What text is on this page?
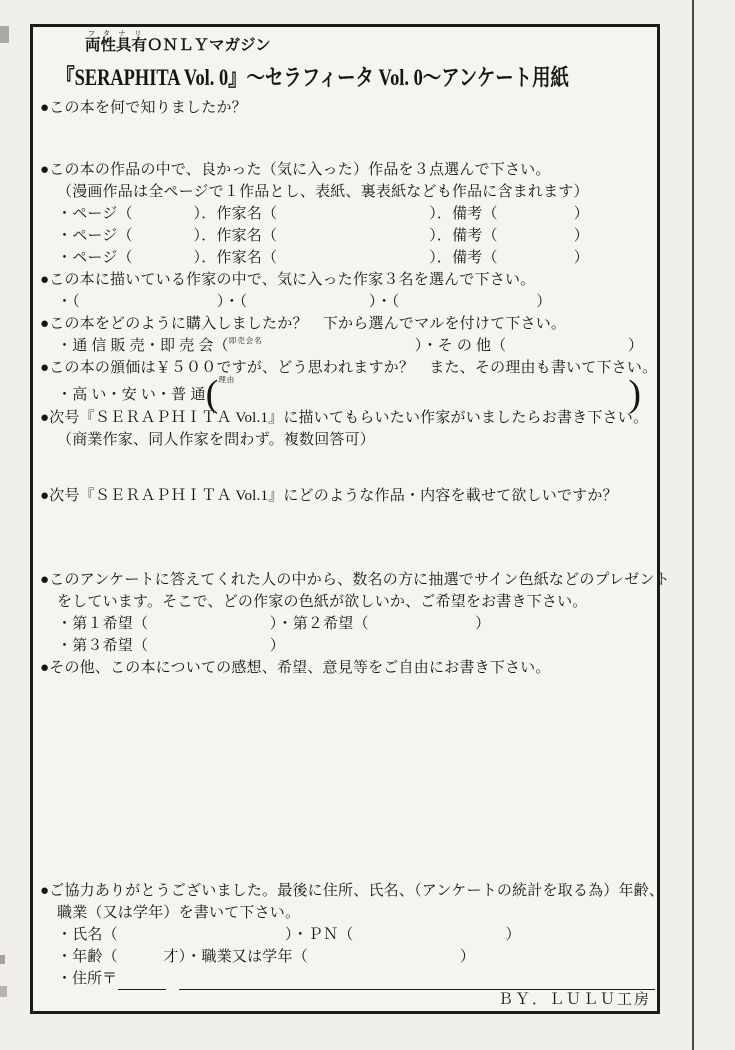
両性具有フタナリＯＮＬＹマガジン
『SERAPHITA Vol. 0』～セラフィータ Vol. 0～アンケート用紙
●この本を何で知りましたか？
●この本の作品の中で、良かった（気に入った）作品を３点選んで下さい。
（漫画作品は全ページで１作品とし、表紙、裏表紙なども作品に含まれます）
・ページ（　　　　）．作家名（　　　　　　　　　　）．備考（　　　　　）
・ページ（　　　　）．作家名（　　　　　　　　　　）．備考（　　　　　）
・ページ（　　　　）．作家名（　　　　　　　　　　）．備考（　　　　　）
●この本に描いている作家の中で、気に入った作家３名を選んで下さい。
・（　　　　　　　　　）・（　　　　　　　　）・（　　　　　　　　　）
●この本をどのように購入しましたか？　下から選んでマルを付けて下さい。
・通 信 販 売・即 売 会（$^{即売会名}$　　　　　　　　　　）・そ の 他（　　　　　　　　）
●この本の頒価は￥５００ですが、どう思われますか？　また、その理由も書いて下さい。
・高 い・安 い・普 通 ($^{理由}$	)
●次号『ＳＥＲＡＰＨＩＴＡ Vol.1』に描いてもらいたい作家がいましたらお書き下さい。
（商業作家、同人作家を問わず。複数回答可）
●次号『ＳＥＲＡＰＨＩＴＡ Vol.1』にどのような作品・内容を載せて欲しいですか？
●このアンケートに答えてくれた人の中から、数名の方に抽選でサイン色紙などのプレゼント
をしています。そこで、どの作家の色紙が欲しいか、ご希望をお書き下さい。
・第１希望（　　　　　　　　）・第２希望（　　　　　　　）
・第３希望（　　　　　　　　）
●その他、この本についての感想、希望、意見等をご自由にお書き下さい。
●ご協力ありがとうございました。最後に住所、氏名、（アンケートの統計を取る為）年齢、
職業（又は学年）を書いて下さい。
・氏名（　　　　　　　　　　　）・ＰＮ（　　　　　　　　　　）
・年齢（　　　才）・職業又は学年（　　　　　　　　　　）
・住所〒
ＢＹ．ＬＵＬＵ工房
